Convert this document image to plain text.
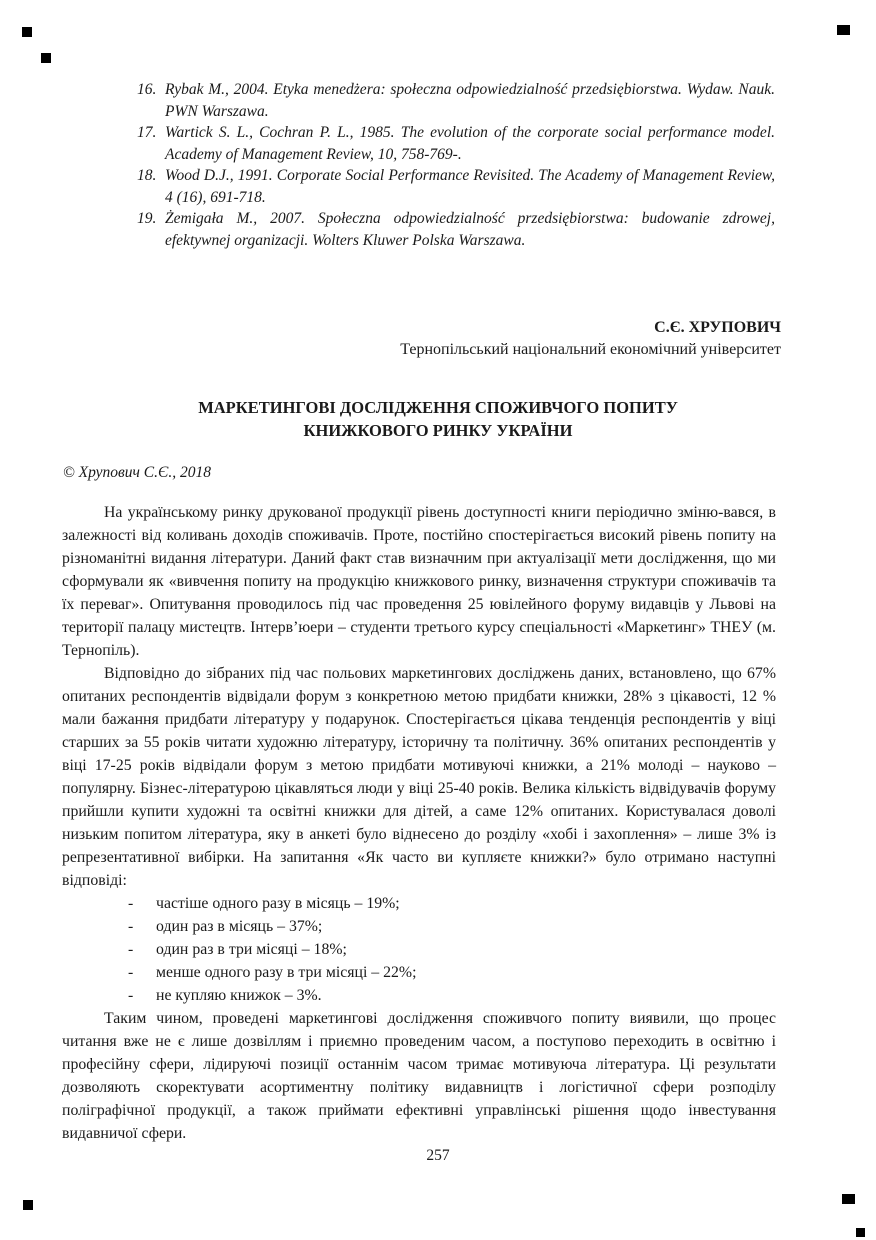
16. Rybak M., 2004. Etyka menedżera: społeczna odpowiedzialność przedsiębiorstwa. Wydaw. Nauk. PWN Warszawa.
17. Wartick S. L., Cochran P. L., 1985. The evolution of the corporate social performance model. Academy of Management Review, 10, 758-769-.
18. Wood D.J., 1991. Corporate Social Performance Revisited. The Academy of Management Review, 4 (16), 691-718.
19. Żemigała M., 2007. Społeczna odpowiedzialność przedsiębiorstwa: budowanie zdrowej, efektywnej organizacji. Wolters Kluwer Polska Warszawa.
С.Є. ХРУПОВИЧ
Тернопільський національний економічний університет
МАРКЕТИНГОВІ ДОСЛІДЖЕННЯ СПОЖИВЧОГО ПОПИТУ
КНИЖКОВОГО РИНКУ УКРАЇНИ
© Хрупович С.Є., 2018

На українському ринку друкованої продукції рівень доступності книги періодично зміню-вався, в залежності від коливань доходів споживачів. Проте, постійно спостерігається високий рівень попиту на різноманітні видання літератури. Даний факт став визначним при актуалізації мети дослідження, що ми сформували як «вивчення попиту на продукцію книжкового ринку, визначення структури споживачів та їх переваг». Опитування проводилось під час проведення 25 ювілейного форуму видавців у Львові на території палацу мистецтв. Інтерв’юери – студенти третього курсу спеціальності «Маркетинг» ТНЕУ (м. Тернопіль).

Відповідно до зібраних під час польових маркетингових досліджень даних, встановлено, що 67% опитаних респондентів відвідали форум з конкретною метою придбати книжки, 28% з цікавості, 12 % мали бажання придбати літературу у подарунок. Спостерігається цікава тенденція респондентів у віці старших за 55 років читати художню літературу, історичну та політичну. 36% опитаних респондентів у віці 17-25 років відвідали форум з метою придбати мотивуючі книжки, а 21% молоді – науково – популярну. Бізнес-літературою цікавляться люди у віці 25-40 років. Велика кількість відвідувачів форуму прийшли купити художні та освітні книжки для дітей, а саме 12% опитаних. Користувалася доволі низьким попитом література, яку в анкеті було віднесено до розділу «хобі і захоплення» – лише 3% із репрезентативної вибірки. На запитання «Як часто ви купляєте книжки?» було отримано наступні відповіді:

-	частіше одного разу в місяць – 19%;
-	один раз в місяць – 37%;
-	один раз в три місяці – 18%;
-	менше одного разу в три місяці – 22%;
-	не купляю книжок – 3%.

Таким чином, проведені маркетингові дослідження споживчого попиту виявили, що процес читання вже не є лише дозвіллям і приємно проведеним часом, а поступово переходить в освітню і професійну сфери, лідируючі позиції останнім часом тримає мотивуюча література. Ці результати дозволяють скоректувати асортиментну політику видавництв і логістичної сфери розподілу поліграфічної продукції, а також приймати ефективні управлінські рішення щодо інвестування видавничої сфери.

257
